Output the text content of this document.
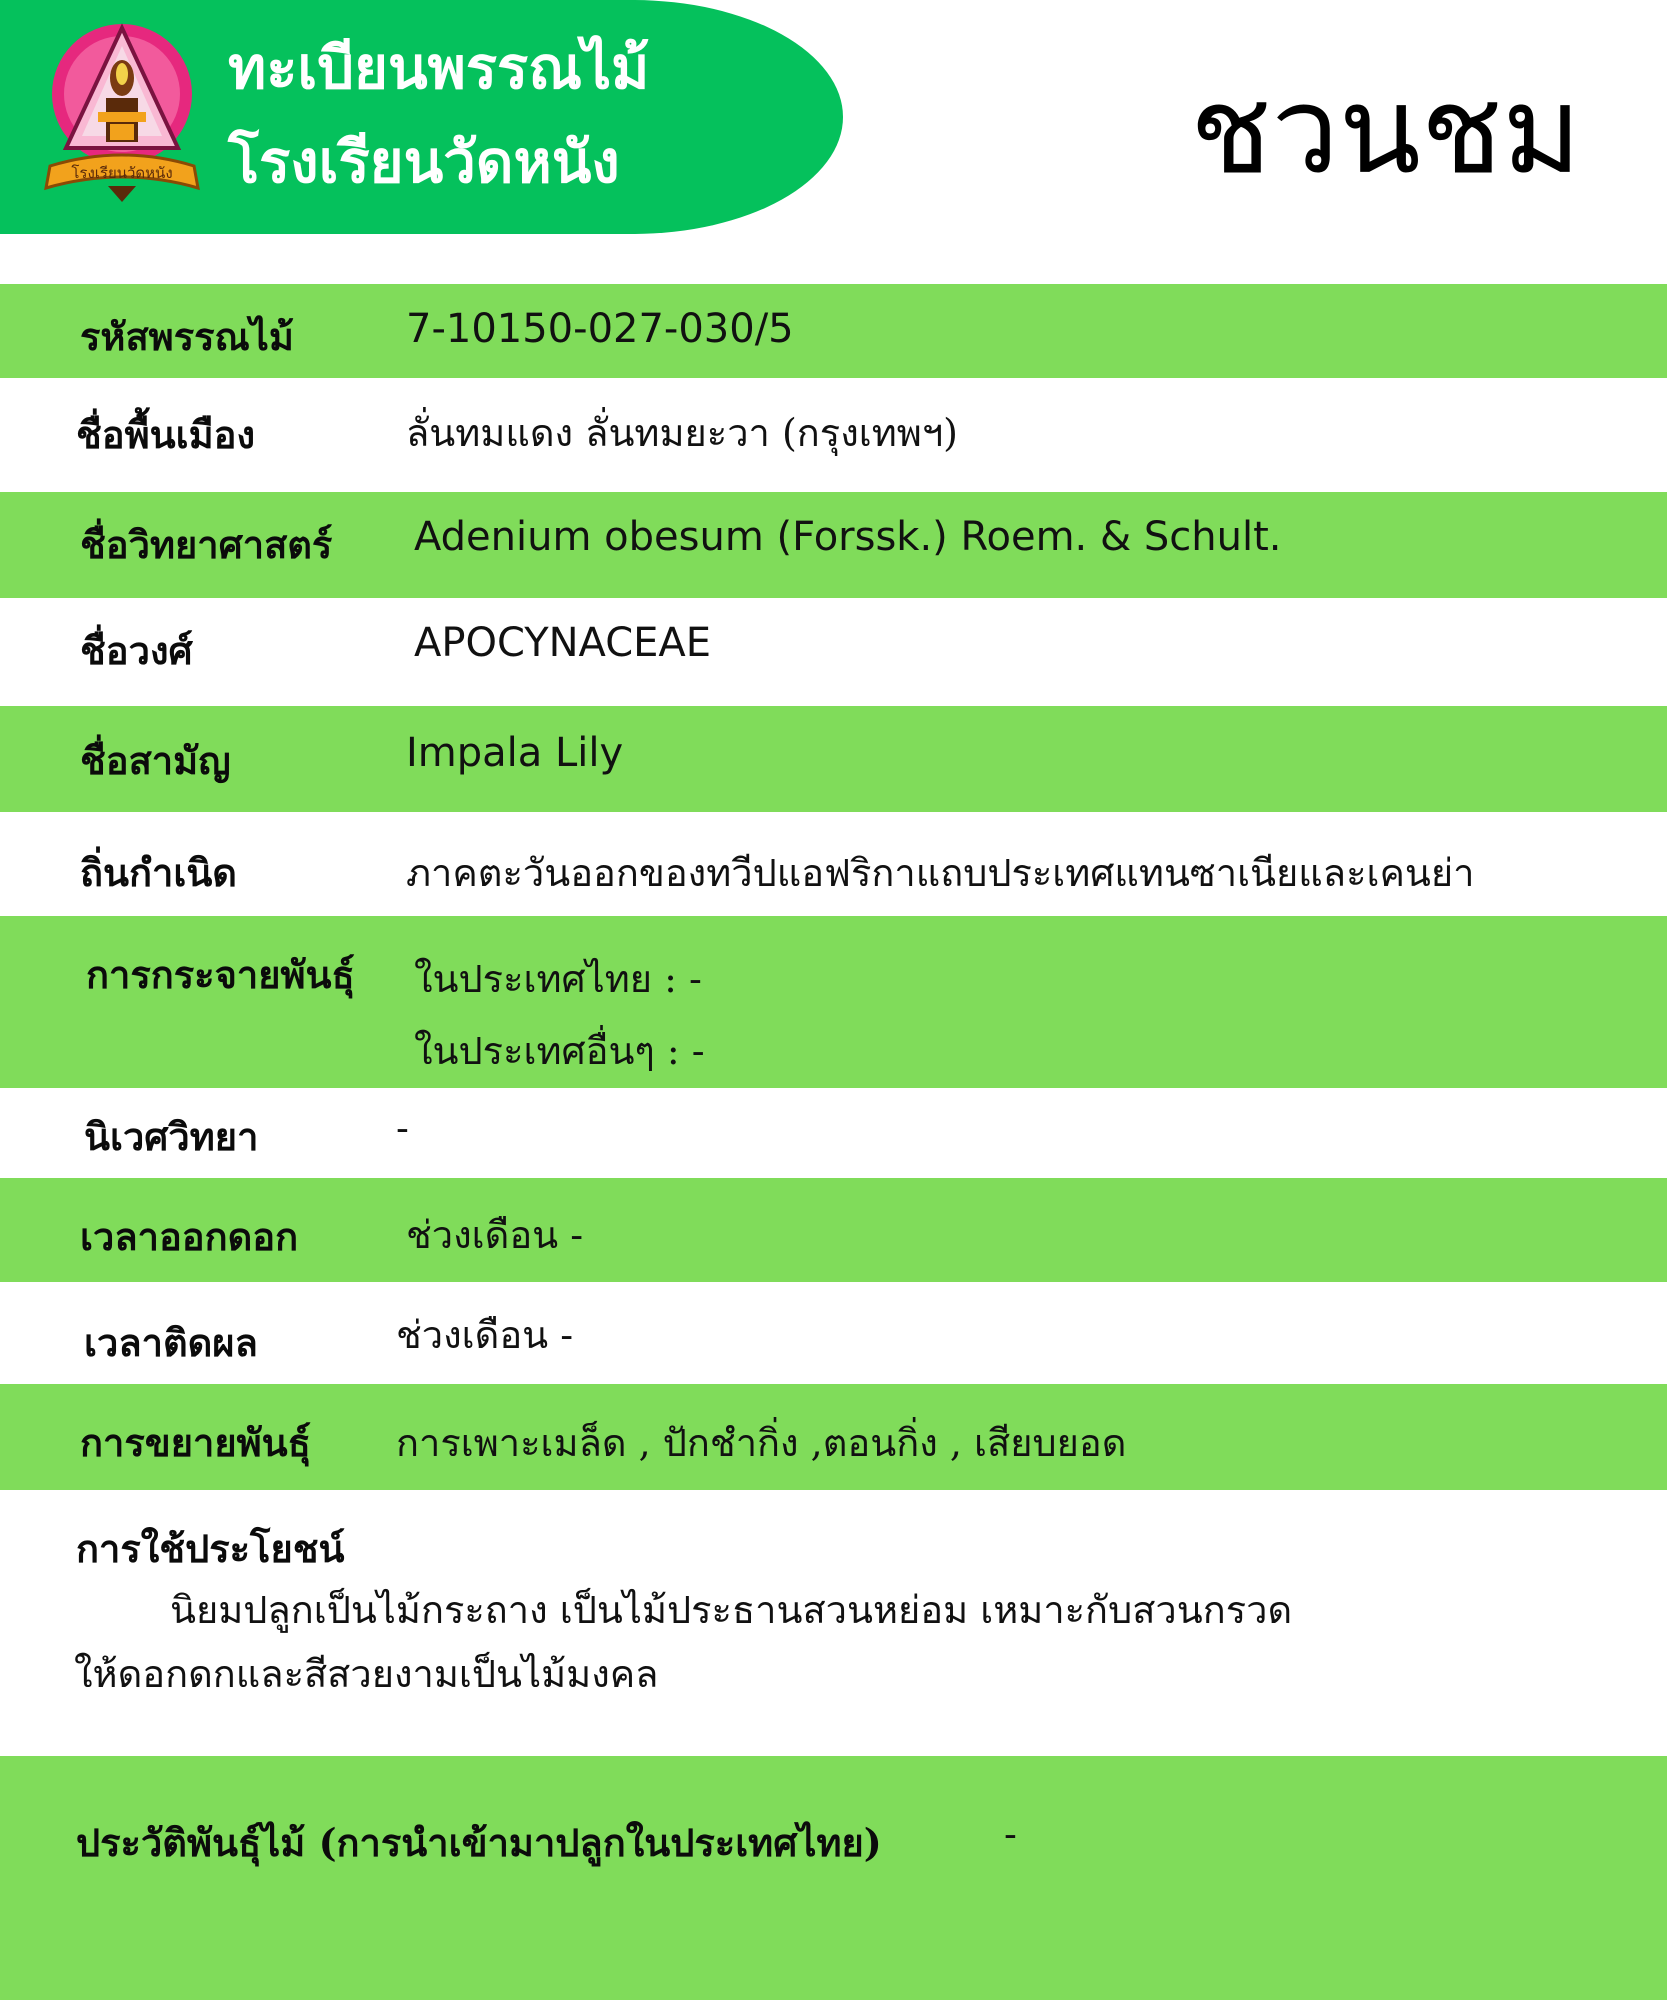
โรงเรียนวัดหนัง
ทะเบียนพรรณไม้
โรงเรียนวัดหนัง	ชวนชม
รหัสพรรณไม้	7-10150-027-030/5
ชื่อพื้นเมือง	ลั่นทมแดง ลั่นทมยะวา (กรุงเทพฯ)
ชื่อวิทยาศาสตร์ Adenium obesum (Forssk.) Roem. & Schult.
ชื่อวงศ์	APOCYNACEAE
ชื่อสามัญ	Impala Lily
ถิ่นกำเนิด	ภาคตะวันออกของทวีปแอฟริกาแถบประเทศแทนซาเนียและเคนย่า
การกระจายพันธุ์ ในประเทศไทย : -
ในประเทศอื่นๆ : -
นิเวศวิทยา	-
เวลาออกดอก	ช่วงเดือน -
เวลาติดผล	ช่วงเดือน -
การขยายพันธุ์ การเพาะเมล็ด , ปักชำกิ่ง ,ตอนกิ่ง , เสียบยอด
การใช้ประโยชน์
นิยมปลูกเป็นไม้กระถาง เป็นไม้ประธานสวนหย่อม เหมาะกับสวนกรวด
ให้ดอกดกและสีสวยงามเป็นไม้มงคล
ประวัติพันธุ์ไม้ (การนำเข้ามาปลูกในประเทศไทย)	-
